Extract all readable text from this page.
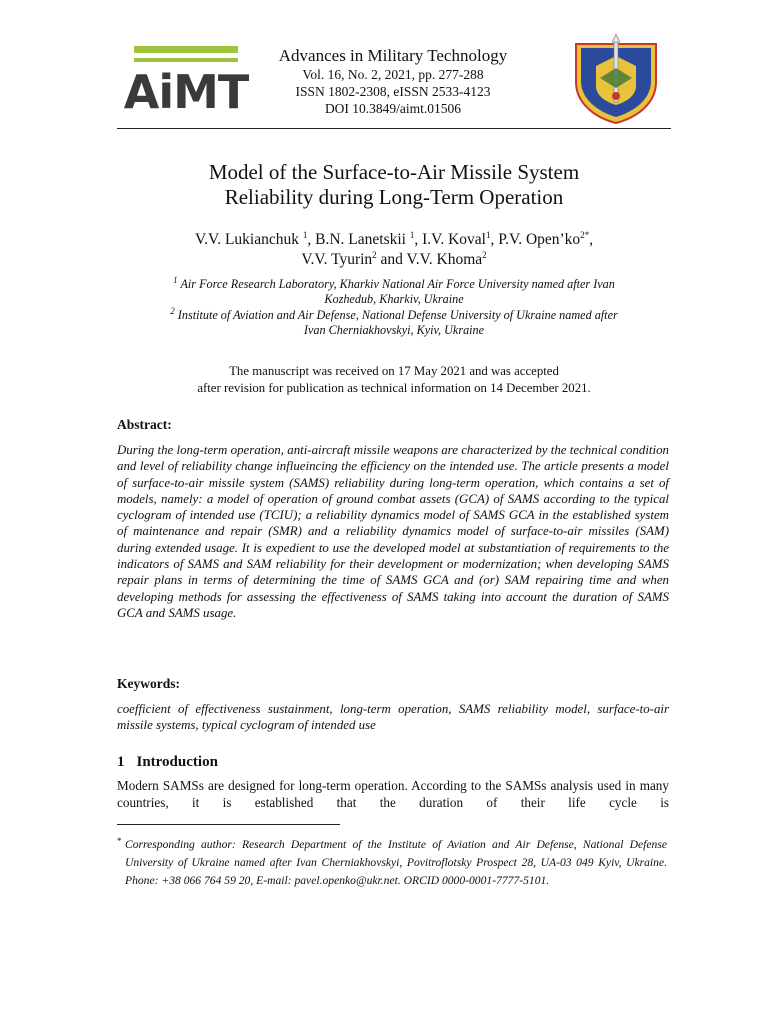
AiMT
Advances in Military Technology
Vol. 16, No. 2, 2021, pp. 277-288
ISSN 1802-2308, eISSN 2533-4123
DOI 10.3849/aimt.01506
Model of the Surface-to-Air Missile System
Reliability during Long-Term Operation
V.V. Lukianchuk $^1$, B.N. Lanetskii $^1$, I.V. Koval$^1$, P.V. $Open’ko^{2*}$,
V.V. Tyurin$^2$ and V.V. Khoma$^2$
$^1$ Air Force Research Laboratory, Kharkiv National Air Force University named after Ivan
Kozhedub, Kharkiv, Ukraine
$^2$ Institute of Aviation and Air Defense, National Defense University of Ukraine named after
Ivan Cherniakhovskyi, Kyiv, Ukraine
The manuscript was received on 17 May 2021 and was accepted
after revision for publication as technical information on 14 December 2021.
Abstract:
During the long-term operation, anti-aircraft missile weapons are characterized by the technical condition and level of reliability change influeincing the efficiency on the intended use. The article presents a model of surface-to-air missile system (SAMS) reliability during long-term operation, which contains a set of models, namely: a model of operation of ground combat assets (GCA) of SAMS according to the typical cyclogram of intended use (TCIU); a reliability dynamics model of SAMS GCA in the established system of maintenance and repair (SMR) and a reliability dynamics model of surface-to-air missiles (SAM) during extended usage. It is expedient to use the developed model at substantiation of requirements to the indicators of SAMS and SAM reliability for their development or modernization; when developing SAMS repair plans in terms of determining the time of SAMS GCA and (or) SAM repairing time and when developing methods for assessing the effectiveness of SAMS taking into account the duration of SAMS GCA and SAMS usage.
Keywords:
coefficient of effectiveness sustainment, long-term operation, SAMS reliability model, surface-to-air missile systems, typical cyclogram of intended use
1 Introduction
Modern SAMSs are designed for long-term operation. According to the SAMSs analysis used in many countries, it is established that the duration of their life cycle is
* Corresponding author: Research Department of the Institute of Aviation and Air Defense, National Defense University of Ukraine named after Ivan Cherniakhovskyi, Povitroflotsky Prospect 28, UA-03 049 Kyiv, Ukraine. Phone: +38 066 764 59 20, E-mail: pavel.openko@ukr.net. ORCID 0000-0001-7777-5101.
